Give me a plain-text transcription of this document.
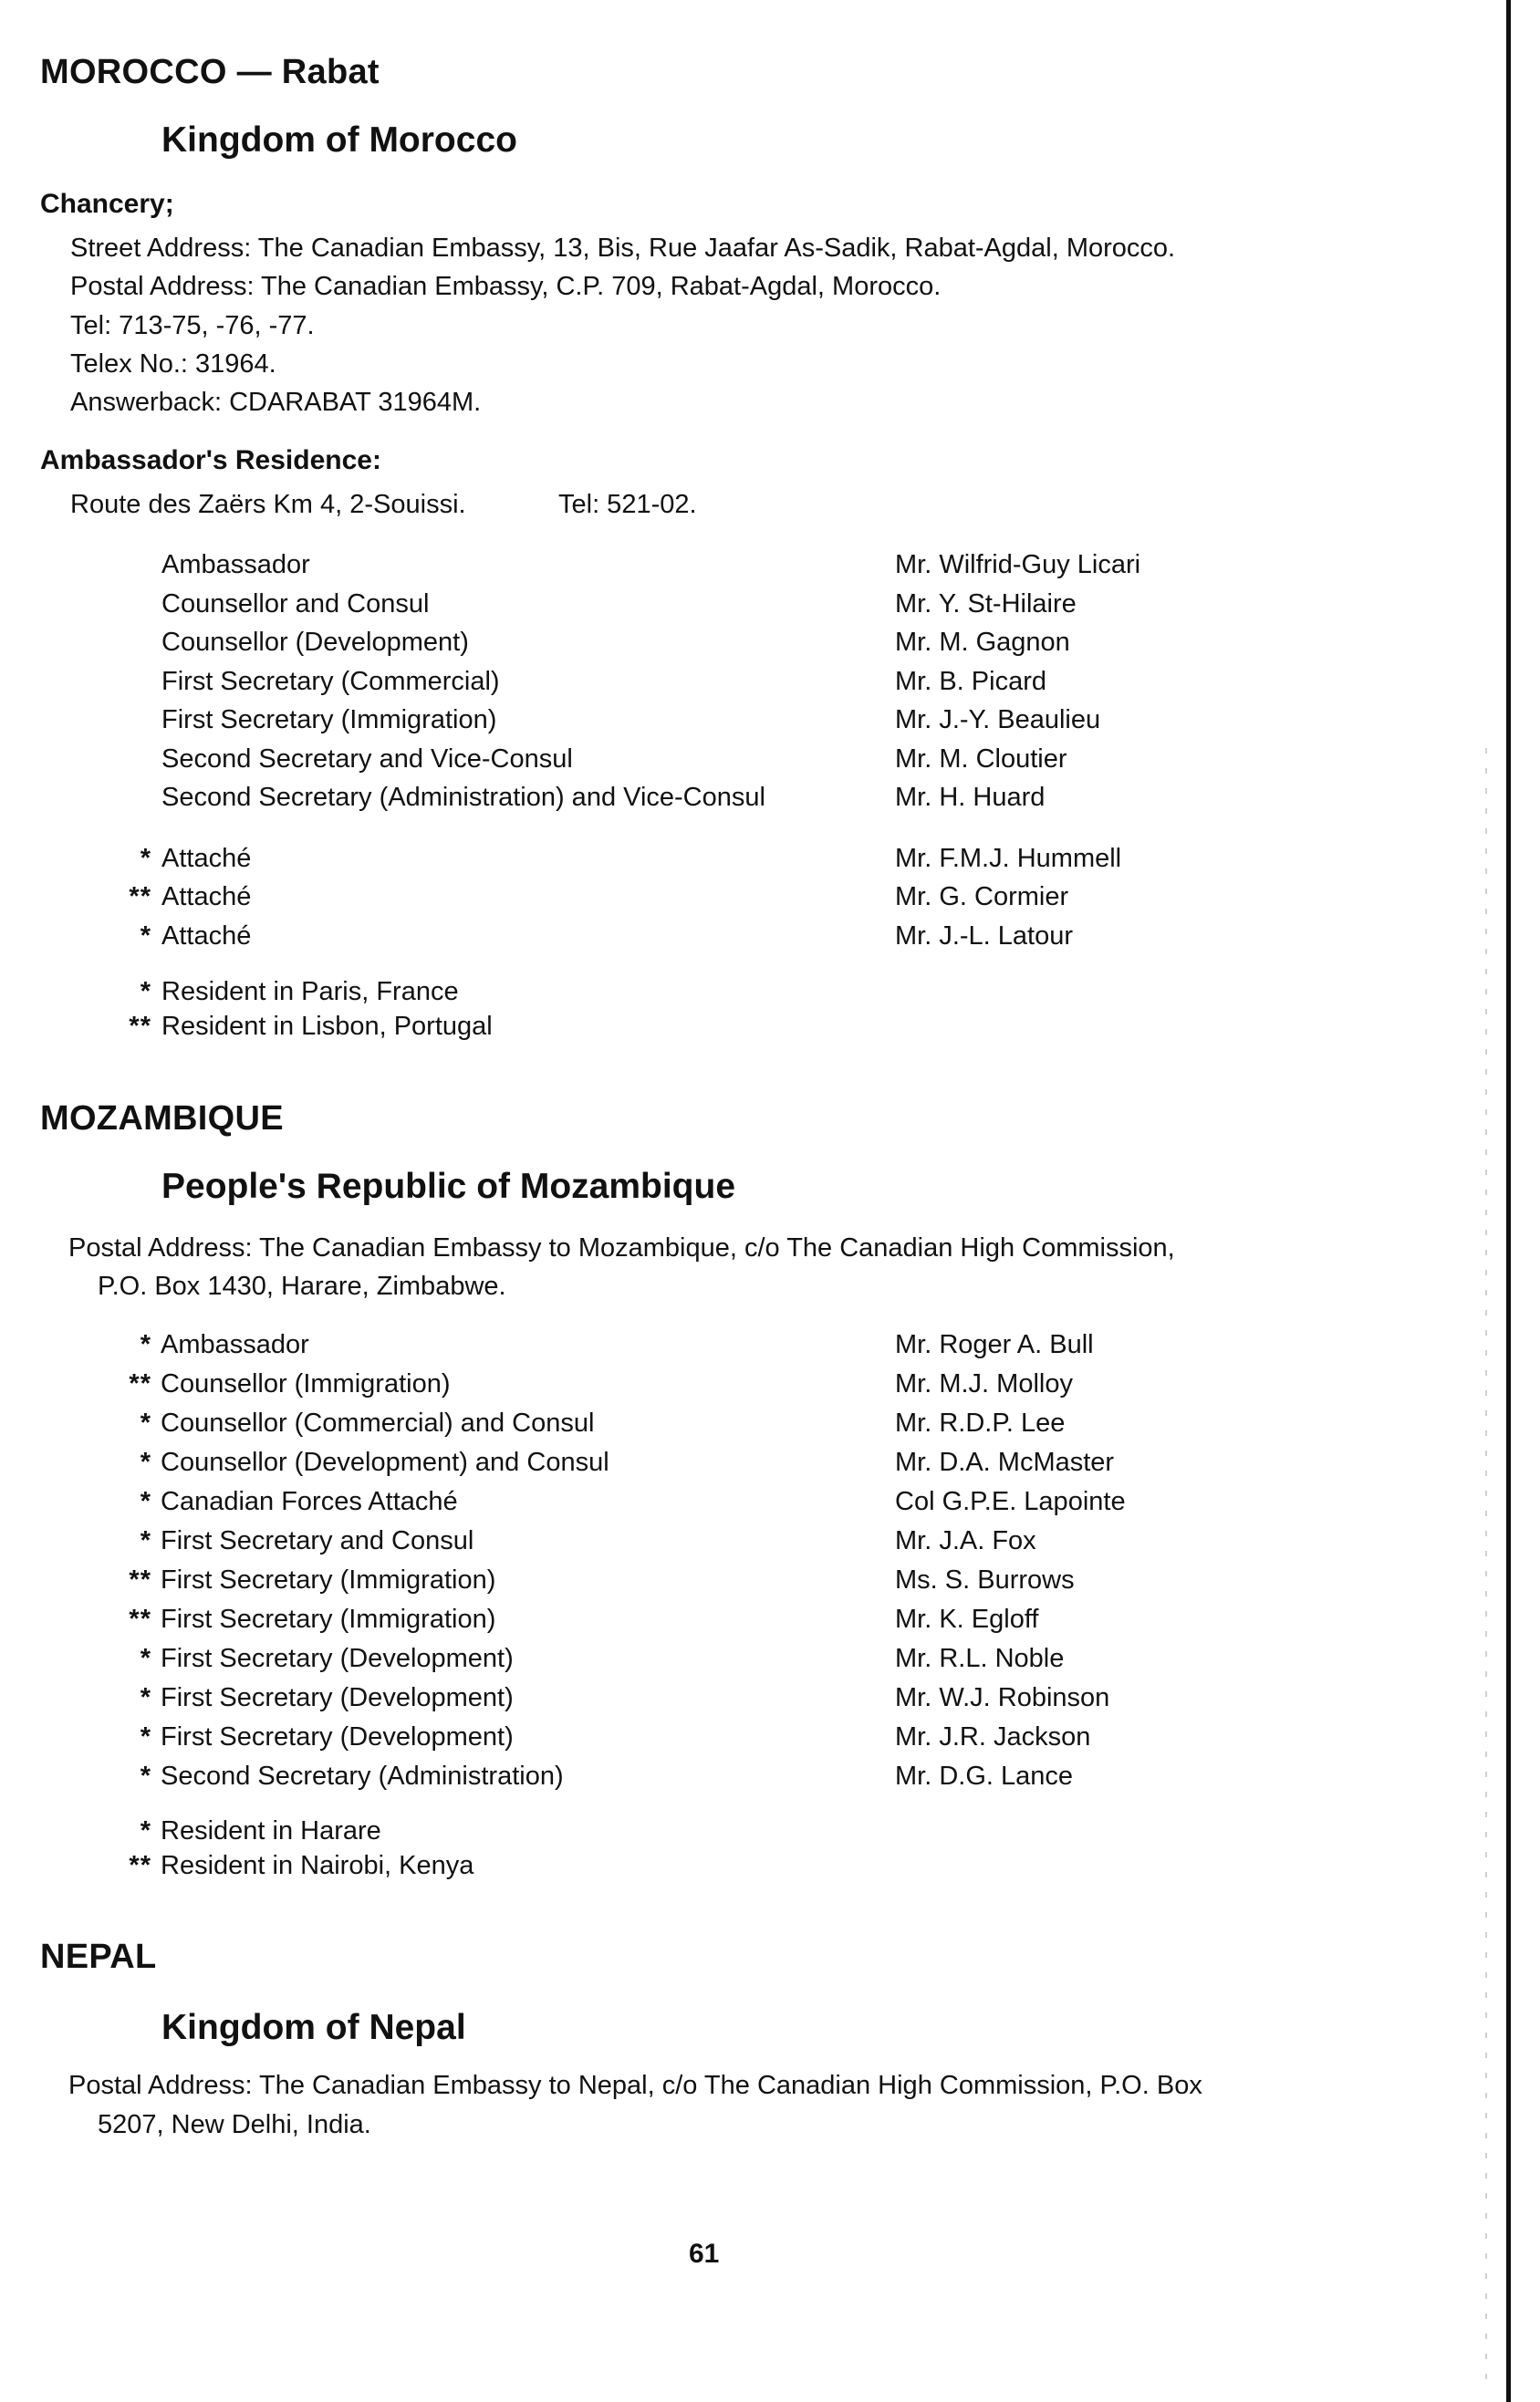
MOROCCO — Rabat
Kingdom of Morocco
Chancery;
Street Address: The Canadian Embassy, 13, Bis, Rue Jaafar As-Sadik, Rabat-Agdal, Morocco.
Postal Address: The Canadian Embassy, C.P. 709, Rabat-Agdal, Morocco.
Tel: 713-75, -76, -77.
Telex No.: 31964.
Answerback: CDARABAT 31964M.
Ambassador's Residence:
Route des Zaërs Km 4, 2-Souissi.	Tel: 521-02.
Ambassador	Mr. Wilfrid-Guy Licari
Counsellor and Consul	Mr. Y. St-Hilaire
Counsellor (Development)	Mr. M. Gagnon
First Secretary (Commercial)	Mr. B. Picard
First Secretary (Immigration)	Mr. J.-Y. Beaulieu
Second Secretary and Vice-Consul	Mr. M. Cloutier
Second Secretary (Administration) and Vice-Consul	Mr. H. Huard
* Attaché	Mr. F.M.J. Hummell
** Attaché	Mr. G. Cormier
* Attaché	Mr. J.-L. Latour
* Resident in Paris, France
** Resident in Lisbon, Portugal
MOZAMBIQUE
People's Republic of Mozambique
Postal Address: The Canadian Embassy to Mozambique, c/o The Canadian High Commission,
P.O. Box 1430, Harare, Zimbabwe.
* Ambassador	Mr. Roger A. Bull
** Counsellor (Immigration)	Mr. M.J. Molloy
* Counsellor (Commercial) and Consul	Mr. R.D.P. Lee
* Counsellor (Development) and Consul	Mr. D.A. McMaster
* Canadian Forces Attaché	Col G.P.E. Lapointe
* First Secretary and Consul	Mr. J.A. Fox
** First Secretary (Immigration)	Ms. S. Burrows
** First Secretary (Immigration)	Mr. K. Egloff
* First Secretary (Development)	Mr. R.L. Noble
* First Secretary (Development)	Mr. W.J. Robinson
* First Secretary (Development)	Mr. J.R. Jackson
* Second Secretary (Administration)	Mr. D.G. Lance
* Resident in Harare
** Resident in Nairobi, Kenya
NEPAL
Kingdom of Nepal
Postal Address: The Canadian Embassy to Nepal, c/o The Canadian High Commission, P.O. Box
5207, New Delhi, India.
61
